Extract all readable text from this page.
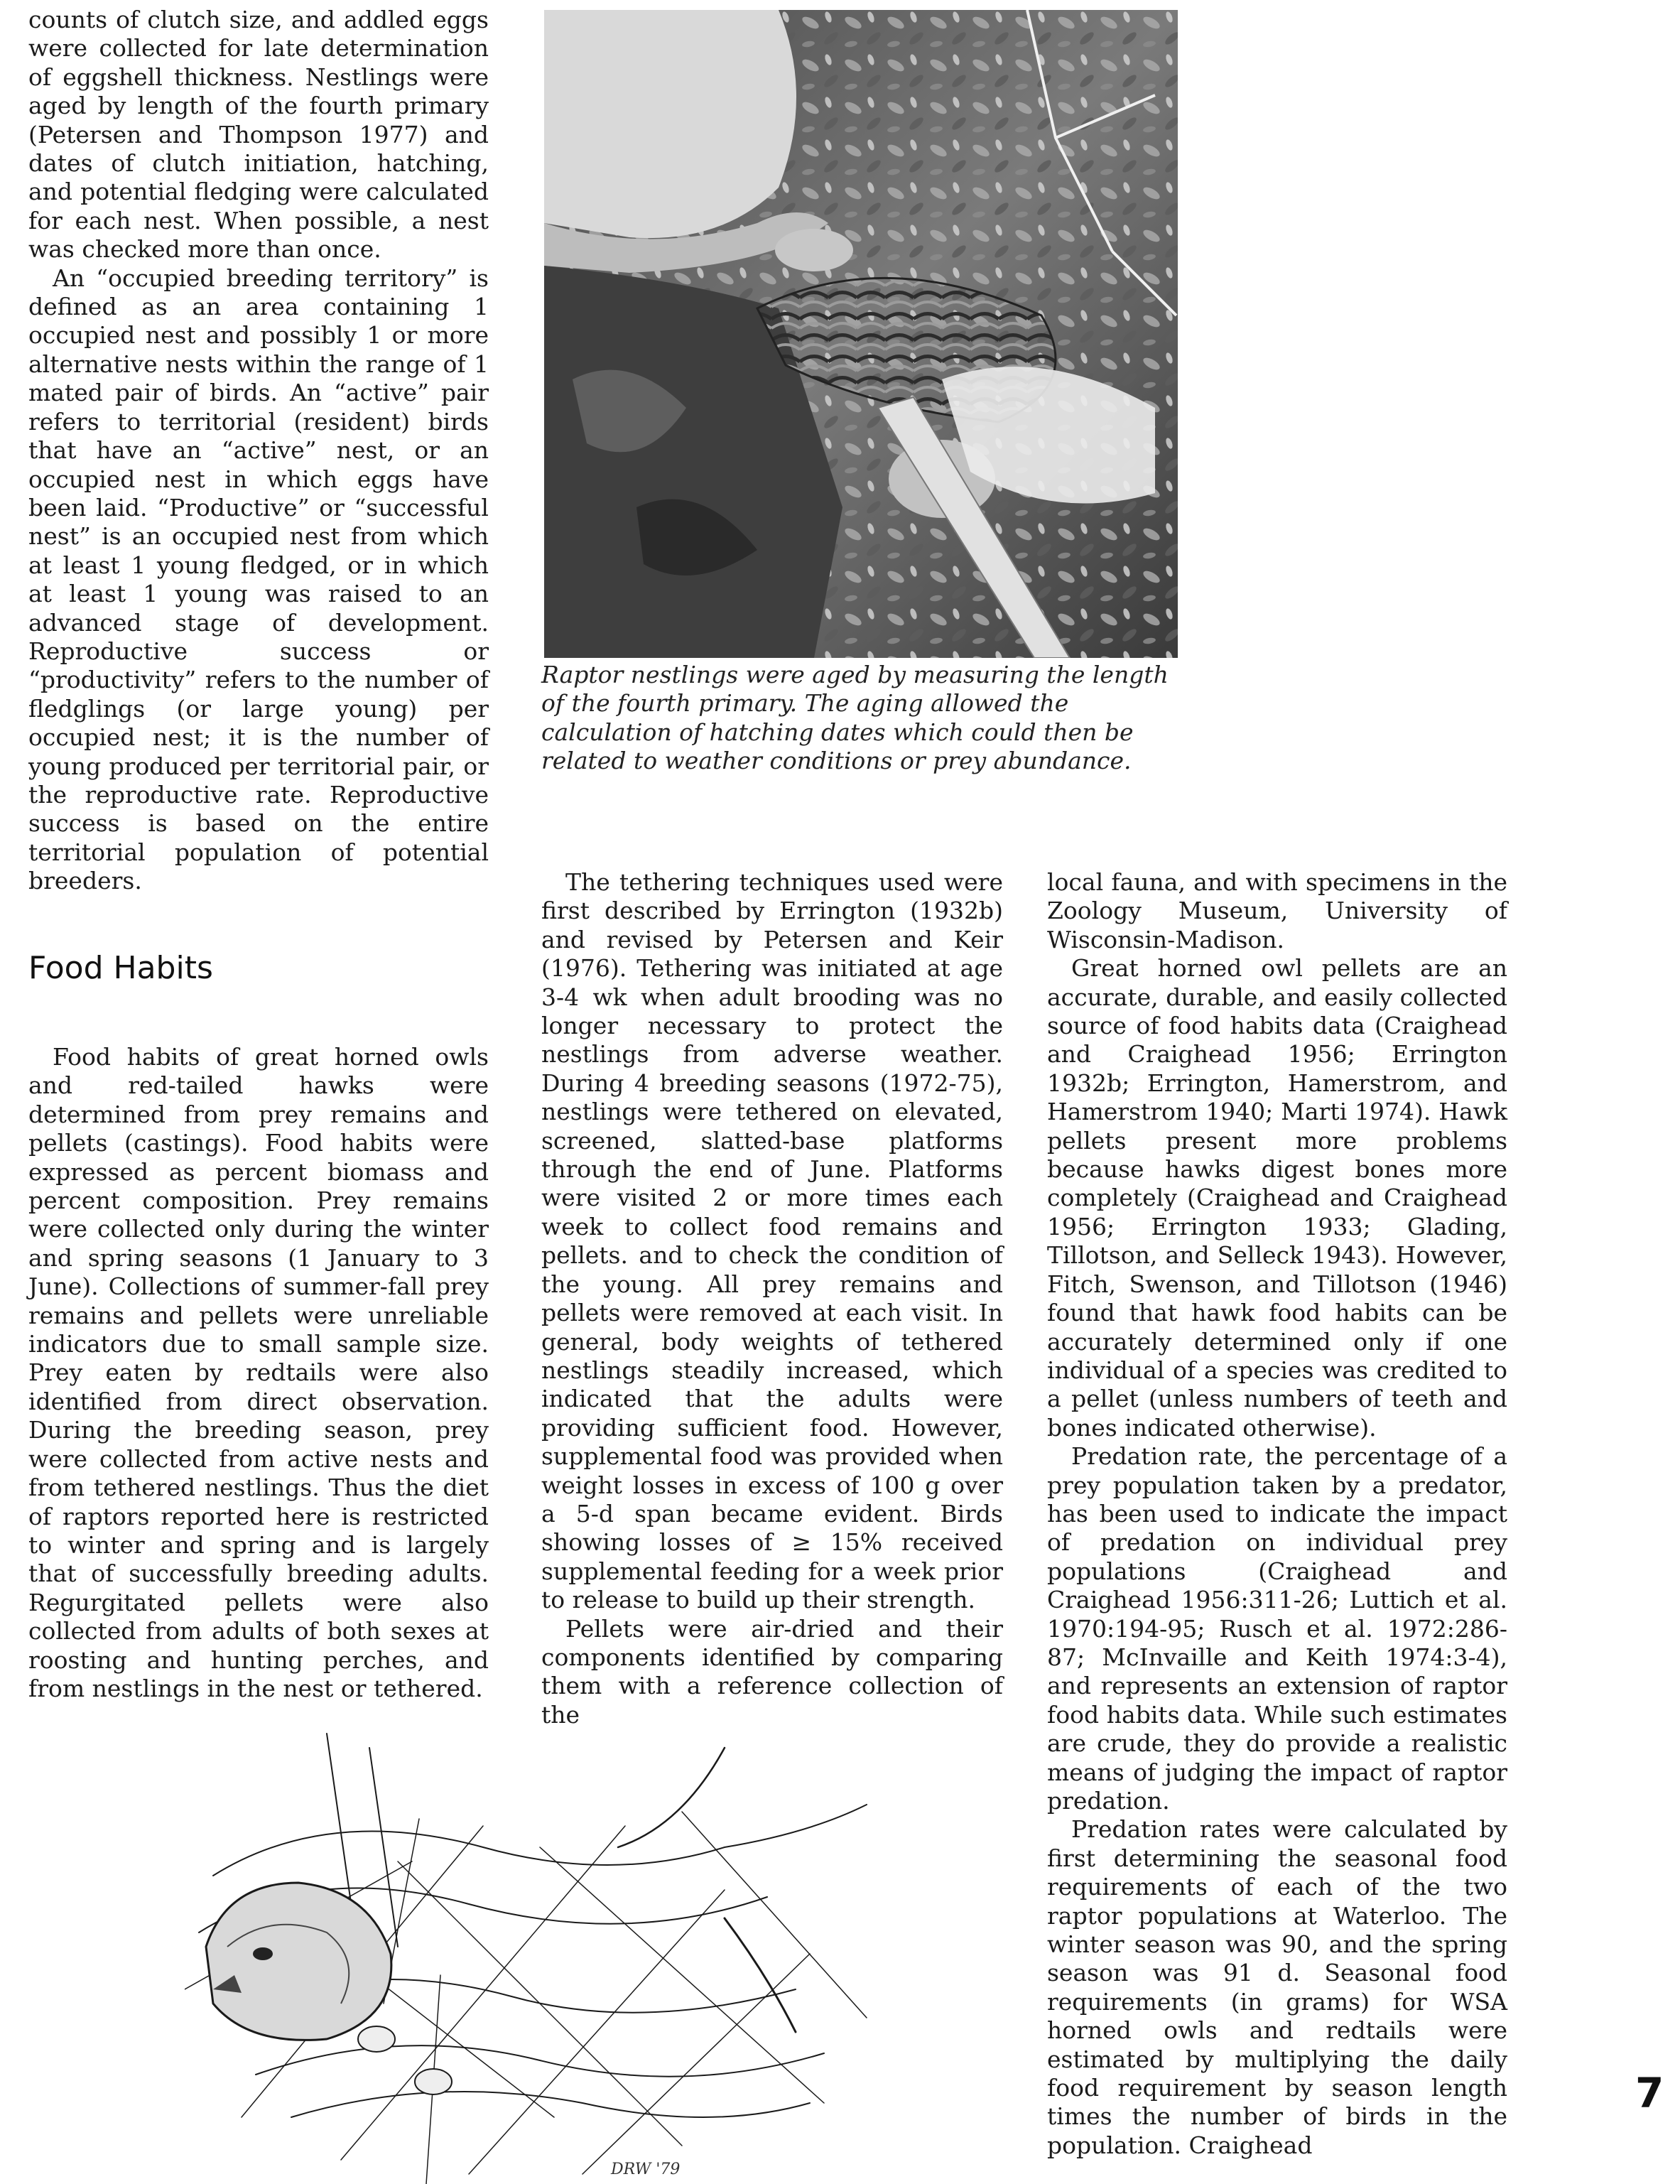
counts of clutch size, and addled eggs were collected for late determination of eggshell thickness. Nestlings were aged by length of the fourth primary (Petersen and Thompson 1977) and dates of clutch initiation, hatching, and potential fledging were calculated for each nest. When possible, a nest was checked more than once.

An “occupied breeding territory” is defined as an area containing 1 occupied nest and possibly 1 or more alternative nests within the range of 1 mated pair of birds. An “active” pair refers to territorial (resident) birds that have an “active” nest, or an occupied nest in which eggs have been laid. “Productive” or “successful nest” is an occupied nest from which at least 1 young fledged, or in which at least 1 young was raised to an advanced stage of development. Reproductive success or “productivity” refers to the number of fledglings (or large young) per occupied nest; it is the number of young produced per territorial pair, or the reproductive rate. Reproductive success is based on the entire territorial population of potential breeders.

Food Habits

Food habits of great horned owls and red-tailed hawks were determined from prey remains and pellets (castings). Food habits were expressed as percent biomass and percent composition. Prey remains were collected only during the winter and spring seasons (1 January to 3 June). Collections of summer-fall prey remains and pellets were unreliable indicators due to small sample size. Prey eaten by redtails were also identified from direct observation. During the breeding season, prey were collected from active nests and from tethered nestlings. Thus the diet of raptors reported here is restricted to winter and spring and is largely that of successfully breeding adults. Regurgitated pellets were also collected from adults of both sexes at roosting and hunting perches, and from nestlings in the nest or tethered.

Raptor nestlings were aged by measuring the length of the fourth primary. The aging allowed the calculation of hatching dates which could then be related to weather conditions or prey abundance.

The tethering techniques used were first described by Errington (1932b) and revised by Petersen and Keir (1976). Tethering was initiated at age 3-4 wk when adult brooding was no longer necessary to protect the nestlings from adverse weather. During 4 breeding seasons (1972-75), nestlings were tethered on elevated, screened, slatted-base platforms through the end of June. Platforms were visited 2 or more times each week to collect food remains and pellets. and to check the condition of the young. All prey remains and pellets were removed at each visit. In general, body weights of tethered nestlings steadily increased, which indicated that the adults were providing sufficient food. However, supplemental food was provided when weight losses in excess of 100 g over a 5-d span became evident. Birds showing losses of ≥ 15% received supplemental feeding for a week prior to release to build up their strength.

Pellets were air-dried and their components identified by comparing them with a reference collection of the

local fauna, and with specimens in the Zoology Museum, University of Wisconsin-Madison.

Great horned owl pellets are an accurate, durable, and easily collected source of food habits data (Craighead and Craighead 1956; Errington 1932b; Errington, Hamerstrom, and Hamerstrom 1940; Marti 1974). Hawk pellets present more problems because hawks digest bones more completely (Craighead and Craighead 1956; Errington 1933; Glading, Tillotson, and Selleck 1943). However, Fitch, Swenson, and Tillotson (1946) found that hawk food habits can be accurately determined only if one individual of a species was credited to a pellet (unless numbers of teeth and bones indicated otherwise).

Predation rate, the percentage of a prey population taken by a predator, has been used to indicate the impact of predation on individual prey populations (Craighead and Craighead 1956:311-26; Luttich et al. 1970:194-95; Rusch et al. 1972:286-87; McInvaille and Keith 1974:3-4), and represents an extension of raptor food habits data. While such estimates are crude, they do provide a realistic means of judging the impact of raptor predation.

Predation rates were calculated by first determining the seasonal food requirements of each of the two raptor populations at Waterloo. The winter season was 90, and the spring season was 91 d. Seasonal food requirements (in grams) for WSA horned owls and redtails were estimated by multiplying the daily food requirement by season length times the number of birds in the population. Craighead

DRW '79
7
